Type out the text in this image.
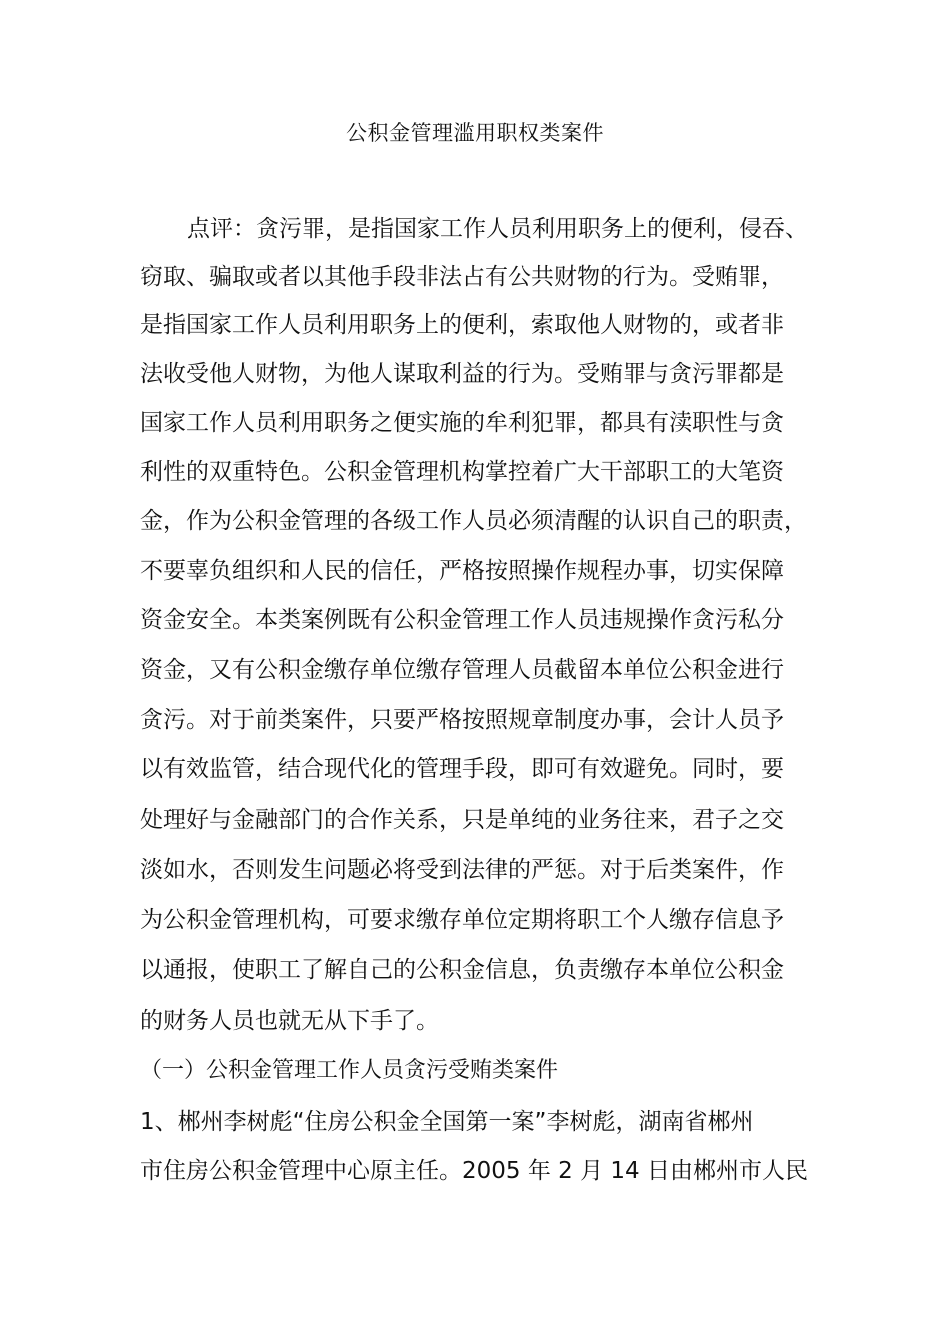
公积金管理滥用职权类案件
点评：贪污罪，是指国家工作人员利用职务上的便利，侵吞、
窃取、骗取或者以其他手段非法占有公共财物的行为。受贿罪，
是指国家工作人员利用职务上的便利，索取他人财物的，或者非
法收受他人财物，为他人谋取利益的行为。受贿罪与贪污罪都是
国家工作人员利用职务之便实施的牟利犯罪，都具有渎职性与贪
利性的双重特色。公积金管理机构掌控着广大干部职工的大笔资
金，作为公积金管理的各级工作人员必须清醒的认识自己的职责，
不要辜负组织和人民的信任，严格按照操作规程办事，切实保障
资金安全。本类案例既有公积金管理工作人员违规操作贪污私分
资金，又有公积金缴存单位缴存管理人员截留本单位公积金进行
贪污。对于前类案件，只要严格按照规章制度办事，会计人员予
以有效监管，结合现代化的管理手段，即可有效避免。同时，要
处理好与金融部门的合作关系，只是单纯的业务往来，君子之交
淡如水，否则发生问题必将受到法律的严惩。对于后类案件，作
为公积金管理机构，可要求缴存单位定期将职工个人缴存信息予
以通报，使职工了解自己的公积金信息，负责缴存本单位公积金
的财务人员也就无从下手了。
（一）公积金管理工作人员贪污受贿类案件
1、郴州李树彪“住房公积金全国第一案”李树彪，湖南省郴州
市住房公积金管理中心原主任。2005 年 2 月 14 日由郴州市人民
